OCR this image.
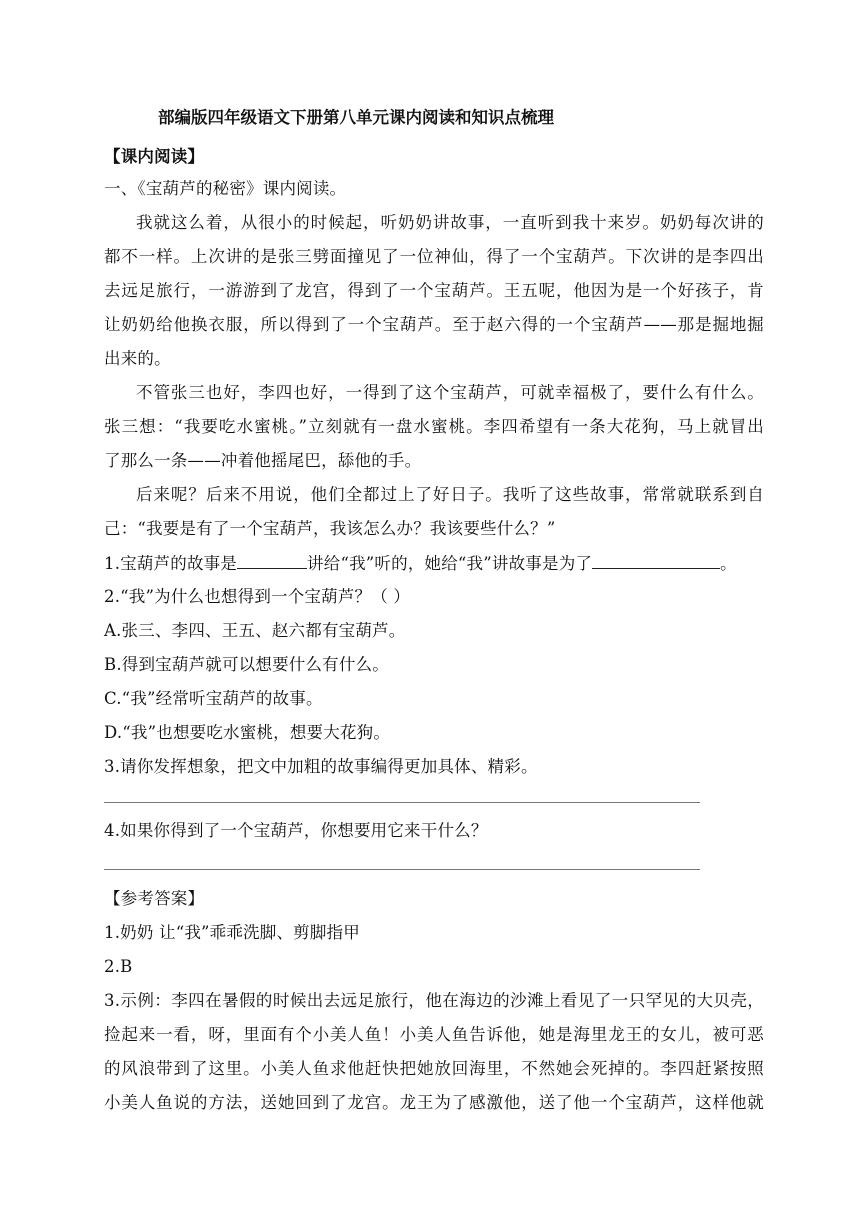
部编版四年级语文下册第八单元课内阅读和知识点梳理
【课内阅读】
一、《宝葫芦的秘密》课内阅读。
我就这么着，从很小的时候起，听奶奶讲故事，一直听到我十来岁。奶奶每次讲的
都不一样。上次讲的是张三劈面撞见了一位神仙，得了一个宝葫芦。下次讲的是李四出
去远足旅行，一游游到了龙宫，得到了一个宝葫芦。王五呢，他因为是一个好孩子，肯
让奶奶给他换衣服，所以得到了一个宝葫芦。至于赵六得的一个宝葫芦——那是掘地掘
出来的。
不管张三也好，李四也好，一得到了这个宝葫芦，可就幸福极了，要什么有什么。
张三想：“我要吃水蜜桃。”立刻就有一盘水蜜桃。李四希望有一条大花狗，马上就冒出
了那么一条——冲着他摇尾巴，舔他的手。
后来呢？后来不用说，他们全都过上了好日子。我听了这些故事，常常就联系到自
己：“我要是有了一个宝葫芦，我该怎么办？我该要些什么？”
1.宝葫芦的故事是	讲给“我”听的，她给“我”讲故事是为了	。
2.“我”为什么也想得到一个宝葫芦？（ ）
A.张三、李四、王五、赵六都有宝葫芦。
B.得到宝葫芦就可以想要什么有什么。
C.“我”经常听宝葫芦的故事。
D.“我”也想要吃水蜜桃，想要大花狗。
3.请你发挥想象，把文中加粗的故事编得更加具体、精彩。
4.如果你得到了一个宝葫芦，你想要用它来干什么？
【参考答案】
1.奶奶 让“我”乖乖洗脚、剪脚指甲
2.B
3.示例：李四在暑假的时候出去远足旅行，他在海边的沙滩上看见了一只罕见的大贝壳，
捡起来一看，呀，里面有个小美人鱼！小美人鱼告诉他，她是海里龙王的女儿，被可恶
的风浪带到了这里。小美人鱼求他赶快把她放回海里，不然她会死掉的。李四赶紧按照
小美人鱼说的方法，送她回到了龙宫。龙王为了感激他，送了他一个宝葫芦，这样他就
